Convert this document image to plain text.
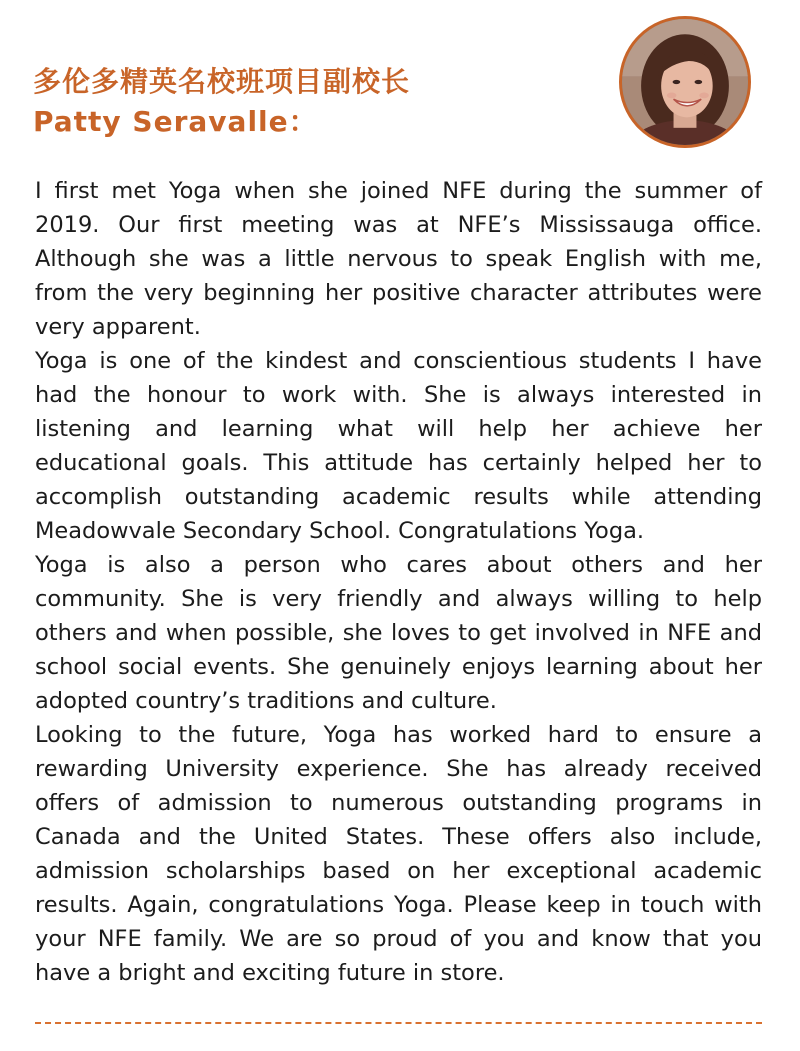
多伦多精英名校班项目副校长
Patty Seravalle：

I first met Yoga when she joined NFE during the summer of 2019. Our first meeting was at NFE’s Mississauga office. Although she was a little nervous to speak English with me, from the very beginning her positive character attributes were very apparent.

Yoga is one of the kindest and conscientious students I have had the honour to work with. She is always interested in listening and learning what will help her achieve her educational goals. This attitude has certainly helped her to accomplish outstanding academic results while attending Meadowvale Secondary School. Congratulations Yoga.

Yoga is also a person who cares about others and her community. She is very friendly and always willing to help others and when possible, she loves to get involved in NFE and school social events. She genuinely enjoys learning about her adopted country’s traditions and culture.

Looking to the future, Yoga has worked hard to ensure a rewarding University experience. She has already received offers of admission to numerous outstanding programs in Canada and the United States. These offers also include, admission scholarships based on her exceptional academic results. Again, congratulations Yoga. Please keep in touch with your NFE family. We are so proud of you and know that you have a bright and exciting future in store.
